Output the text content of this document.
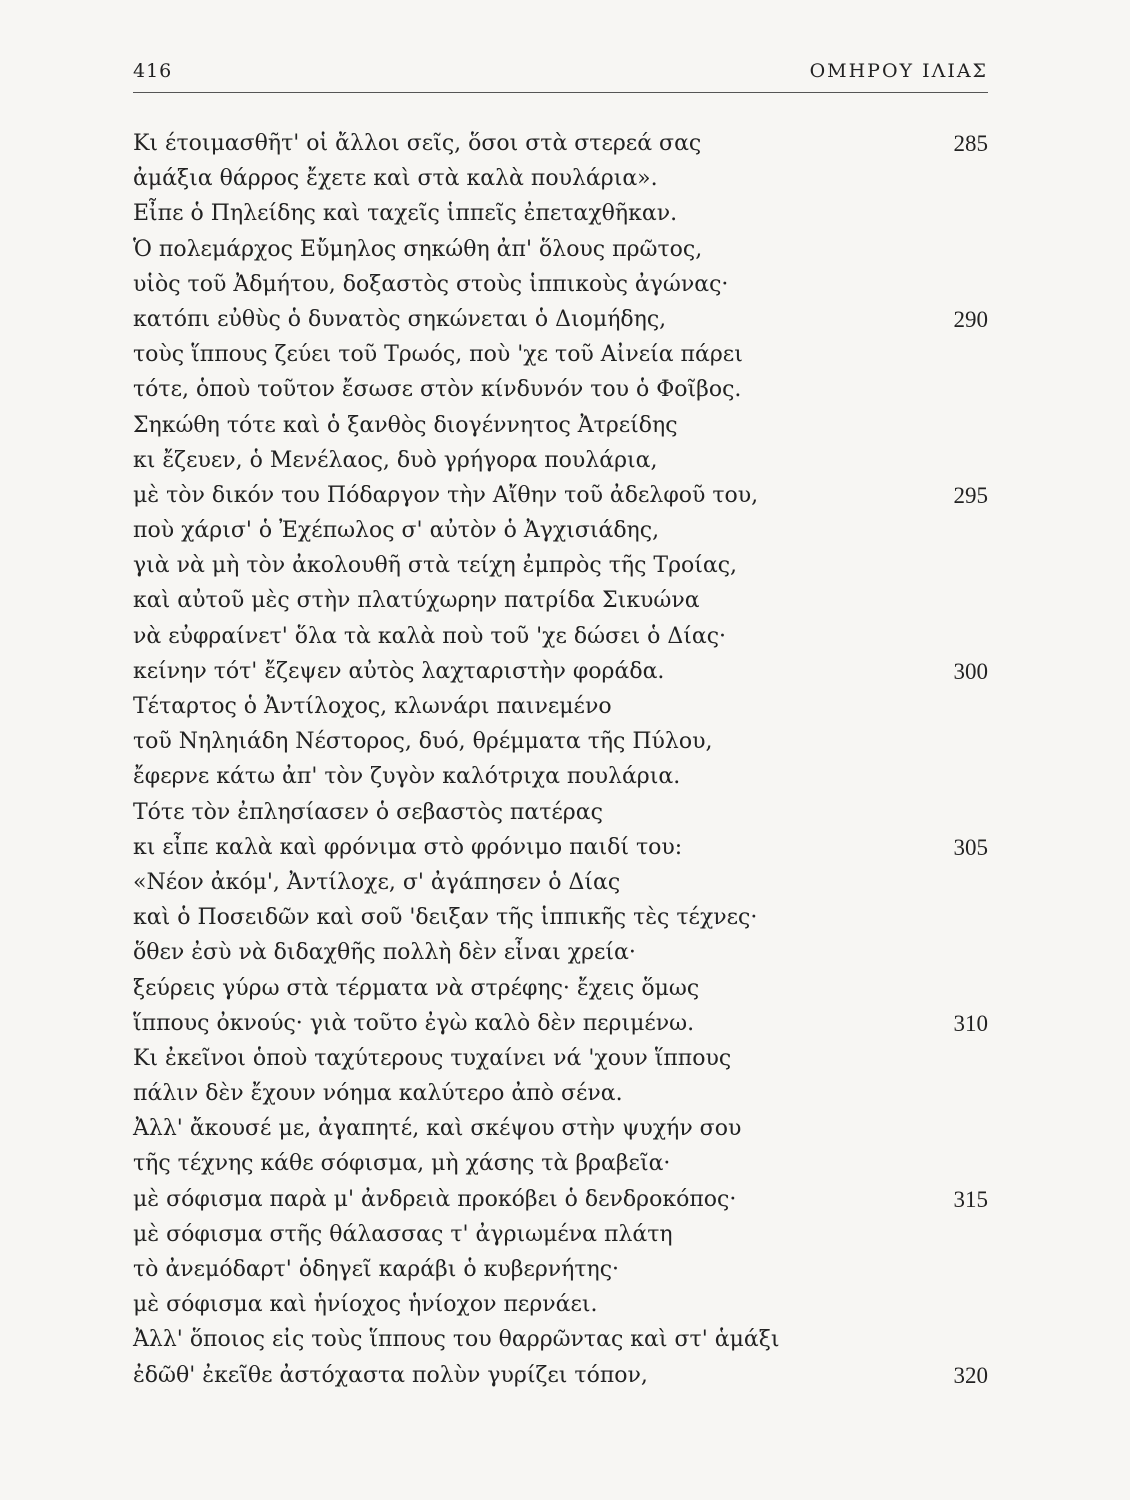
416	ΟΜΗΡΟΥ ΙΛΙΑΣ
Κι έτοιμασθῆτ' οἱ ἄλλοι σεῖς, ὅσοι στὰ στερεά σας	285
ἀμάξια θάρρος ἔχετε καὶ στὰ καλὰ πουλάρια».
Εἶπε ὁ Πηλείδης καὶ ταχεῖς ἱππεῖς ἐπεταχθῆκαν.
Ὁ πολεμάρχος Εὔμηλος σηκώθη ἀπ' ὅλους πρῶτος,
υἱὸς τοῦ Ἀδμήτου, δοξαστὸς στοὺς ἱππικοὺς ἀγώνας·
κατόπι εὐθὺς ὁ δυνατὸς σηκώνεται ὁ Διομήδης,	290
τοὺς ἵππους ζεύει τοῦ Τρωός, ποὺ 'χε τοῦ Αἰνεία πάρει
τότε, ὁποὺ τοῦτον ἔσωσε στὸν κίνδυνόν του ὁ Φοῖβος.
Σηκώθη τότε καὶ ὁ ξανθὸς διογέννητος Ἀτρείδης
κι ἔζευεν, ὁ Μενέλαος, δυὸ γρήγορα πουλάρια,
μὲ τὸν δικόν του Πόδαργον τὴν Αἴθην τοῦ ἀδελφοῦ του,	295
ποὺ χάρισ' ὁ Ἐχέπωλος σ' αὐτὸν ὁ Ἀγχισιάδης,
γιὰ νὰ μὴ τὸν ἀκολουθῆ στὰ τείχη ἐμπρὸς τῆς Τροίας,
καὶ αὐτοῦ μὲς στὴν πλατύχωρην πατρίδα Σικυώνα
νὰ εὐφραίνετ' ὅλα τὰ καλὰ ποὺ τοῦ 'χε δώσει ὁ Δίας·
κείνην τότ' ἔζεψεν αὐτὸς λαχταριστὴν φοράδα.	300
Τέταρτος ὁ Ἀντίλοχος, κλωνάρι παινεμένο
τοῦ Νηληιάδη Νέστορος, δυό, θρέμματα τῆς Πύλου,
ἔφερνε κάτω ἀπ' τὸν ζυγὸν καλότριχα πουλάρια.
Τότε τὸν ἐπλησίασεν ὁ σεβαστὸς πατέρας
κι εἶπε καλὰ καὶ φρόνιμα στὸ φρόνιμο παιδί του:	305
«Νέον ἀκόμ', Ἀντίλοχε, σ' ἀγάπησεν ὁ Δίας
καὶ ὁ Ποσειδῶν καὶ σοῦ 'δειξαν τῆς ἱππικῆς τὲς τέχνες·
ὅθεν ἐσὺ νὰ διδαχθῆς πολλὴ δὲν εἶναι χρεία·
ξεύρεις γύρω στὰ τέρματα νὰ στρέφης· ἔχεις ὅμως
ἵππους ὀκνούς· γιὰ τοῦτο ἐγὼ καλὸ δὲν περιμένω.	310
Κι ἐκεῖνοι ὁποὺ ταχύτερους τυχαίνει νά 'χουν ἵππους
πάλιν δὲν ἔχουν νόημα καλύτερο ἀπὸ σένα.
Ἀλλ' ἄκουσέ με, ἀγαπητέ, καὶ σκέψου στὴν ψυχήν σου
τῆς τέχνης κάθε σόφισμα, μὴ χάσης τὰ βραβεῖα·
μὲ σόφισμα παρὰ μ' ἀνδρειὰ προκόβει ὁ δενδροκόπος·	315
μὲ σόφισμα στῆς θάλασσας τ' ἀγριωμένα πλάτη
τὸ ἀνεμόδαρτ' ὁδηγεῖ καράβι ὁ κυβερνήτης·
μὲ σόφισμα καὶ ἡνίοχος ἡνίοχον περνάει.
Ἀλλ' ὅποιος εἰς τοὺς ἵππους του θαρρῶντας καὶ στ' ἁμάξι
ἐδῶθ' ἐκεῖθε ἀστόχαστα πολὺν γυρίζει τόπον,	320
